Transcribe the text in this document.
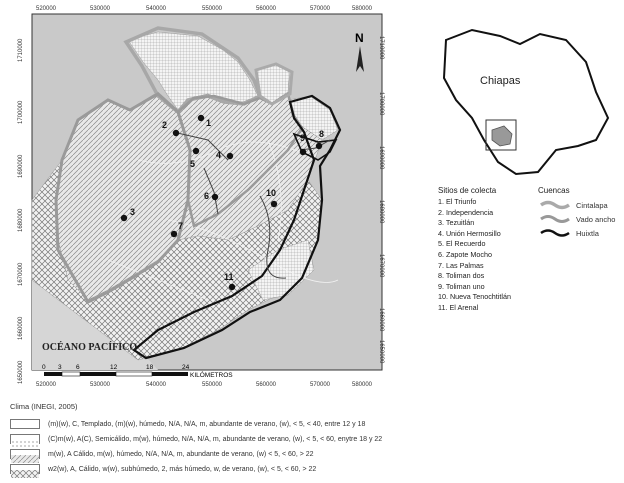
1
2
3
4
5
6
7
8
9
10
11
N
OCÉANO PACÍFICO
0 3 6	12	18	24
KILÓMETROS
520000	530000	540000	550000	560000	570000	580000
520000	530000	540000	550000	560000	570000	580000
1710000
1700000
1690000
1680000
1670000
1660000
1650000
1710000
1700000
1690000
1680000
1670000
1660000
1650000
Chiapas
Sitios de colecta
1. El Triunfo
2. Independencia
3. Tezuitlán
4. Unión Hermosillo
5. El Recuerdo
6. Zapote Mocho
7. Las Palmas
8. Toliman dos
9. Toliman uno
10. Nueva Tenochtitlán
11. El Arenal
Cuencas
Cintalapa
Vado ancho
Huixtla
Clima (INEGI, 2005)
(m)(w), C, Templado, (m)(w), húmedo, N/A, N/A, m, abundante de verano, (w), < 5, < 40, entre 12 y 18
(C)m(w), A(C), Semicálido, m(w), húmedo, N/A, N/A, m, abundante de verano, (w), < 5, < 60, enytre 18 y 22
m(w), A Cálido, m(w), húmedo, N/A, N/A, m, abundante de verano, (w) < 5, < 60, > 22
w2(w), A, Cálido, w(w), subhúmedo, 2, más húmedo, w, de verano, (w), < 5, < 60, > 22
